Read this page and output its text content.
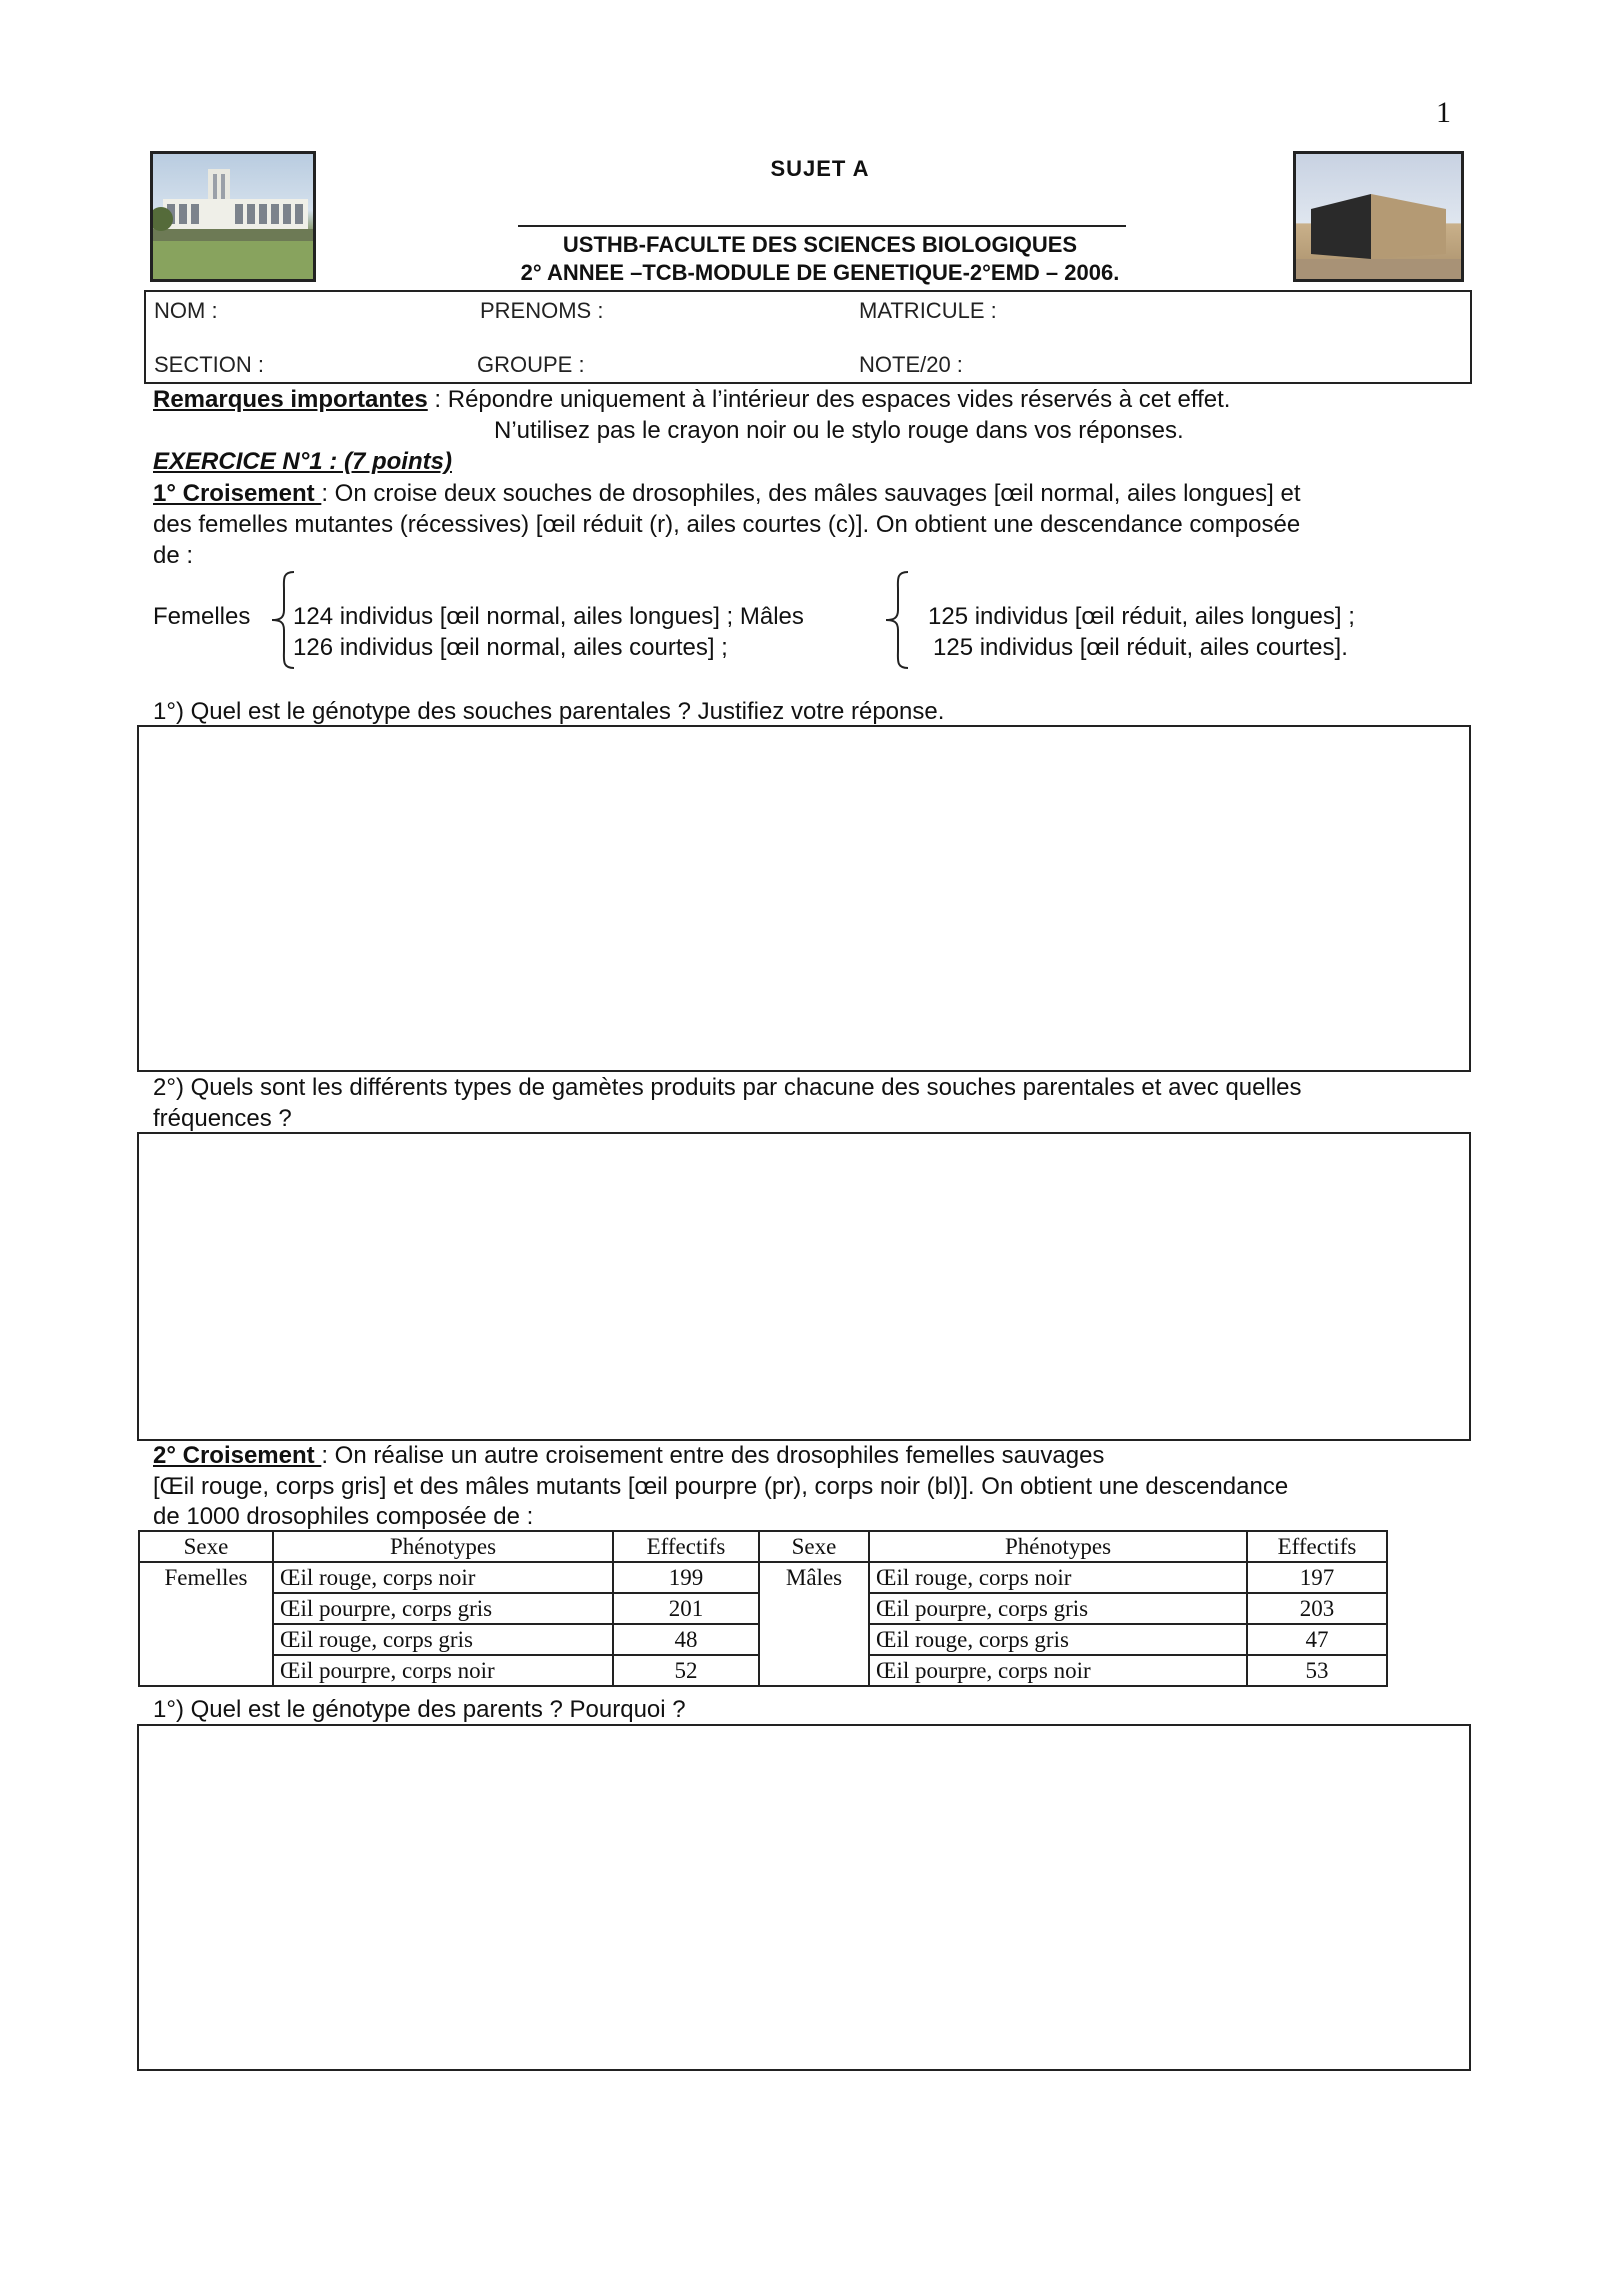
1
SUJET A
USTHB-FACULTE DES SCIENCES BIOLOGIQUES
2° ANNEE –TCB-MODULE DE GENETIQUE-2°EMD – 2006.
NOM :	PRENOMS :	MATRICULE :
SECTION :	GROUPE :	NOTE/20 :
Remarques importantes : Répondre uniquement à l’intérieur des espaces vides réservés à cet effet.
N’utilisez pas le crayon noir ou le stylo rouge dans vos réponses.
EXERCICE N°1 : (7 points)
1° Croisement : On croise deux souches de drosophiles, des mâles sauvages [œil normal, ailes longues] et
des femelles mutantes (récessives) [œil réduit (r), ailes courtes (c)]. On obtient une descendance composée
de :
Femelles 124 individus [œil normal, ailes longues] ; Mâles
126 individus [œil normal, ailes courtes] ;
125 individus [œil réduit, ailes longues] ;
125 individus [œil réduit, ailes courtes].
1°) Quel est le génotype des souches parentales ? Justifiez votre réponse.
2°) Quels sont les différents types de gamètes produits par chacune des souches parentales et avec quelles
fréquences ?
2° Croisement : On réalise un autre croisement entre des drosophiles femelles sauvages
[Œil rouge, corps gris] et des mâles mutants [œil pourpre (pr), corps noir (bl)]. On obtient une descendance
de 1000 drosophiles composée de :
Sexe	Phénotypes	Effectifs	Sexe	Phénotypes	Effectifs
Femelles	Œil rouge, corps noir	199	Mâles	Œil rouge, corps noir	197
	Œil pourpre, corps gris	201		Œil pourpre, corps gris	203
	Œil rouge, corps gris	48		Œil rouge, corps gris	47
	Œil pourpre, corps noir	52		Œil pourpre, corps noir	53
1°) Quel est le génotype des parents ? Pourquoi ?
